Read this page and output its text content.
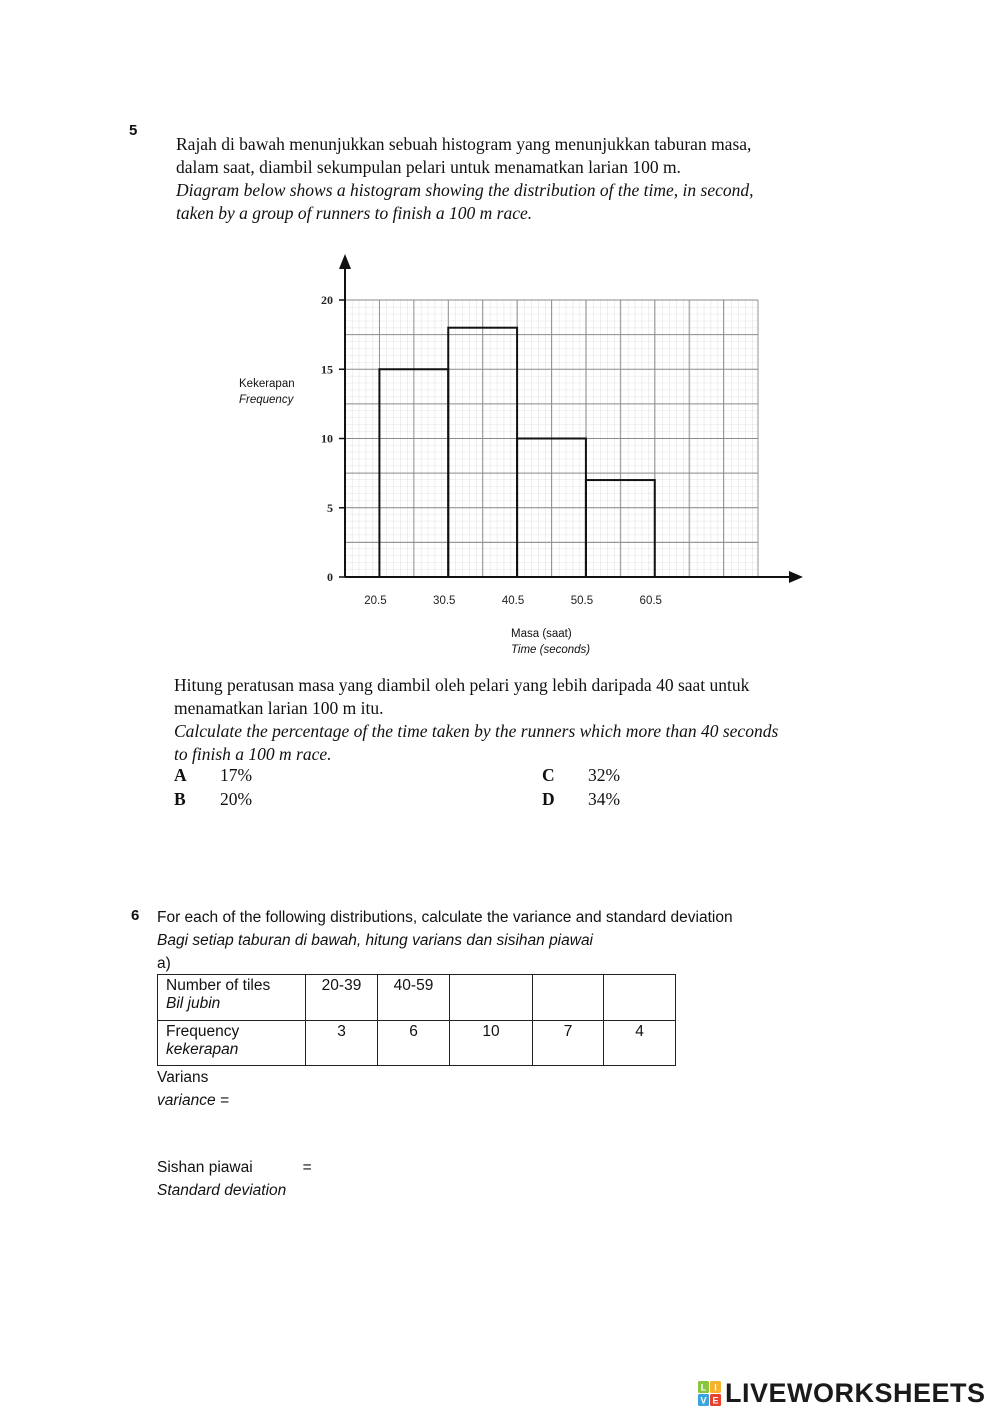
5
Rajah di bawah menunjukkan sebuah histogram yang menunjukkan taburan masa,
dalam saat, diambil sekumpulan pelari untuk menamatkan larian 100 m.
Diagram below shows a histogram showing the distribution of the time, in second,
taken by a group of runners to finish a 100 m race.
0
5
10
15
20
20.5	30.5	40.5	50.5	60.5
Kekerapan
Frequency
Masa (saat)
Time (seconds)
Hitung peratusan masa yang diambil oleh pelari yang lebih daripada 40 saat untuk
menamatkan larian 100 m itu.
Calculate the percentage of the time taken by the runners which more than 40 seconds
to finish a 100 m race.
A 17%
B 20%
C 32%
D 34%
6 For each of the following distributions, calculate the variance and standard deviation
Bagi setiap taburan di bawah, hitung varians dan sisihan piawai
a)
Number of tiles
Bil jubin	20-39	40-59			

Frequency
kekerapan	3	6	10	7	4
Varians
variance =
Sishan piawai	=
Standard deviation
L I
V E LIVEWORKSHEETS
